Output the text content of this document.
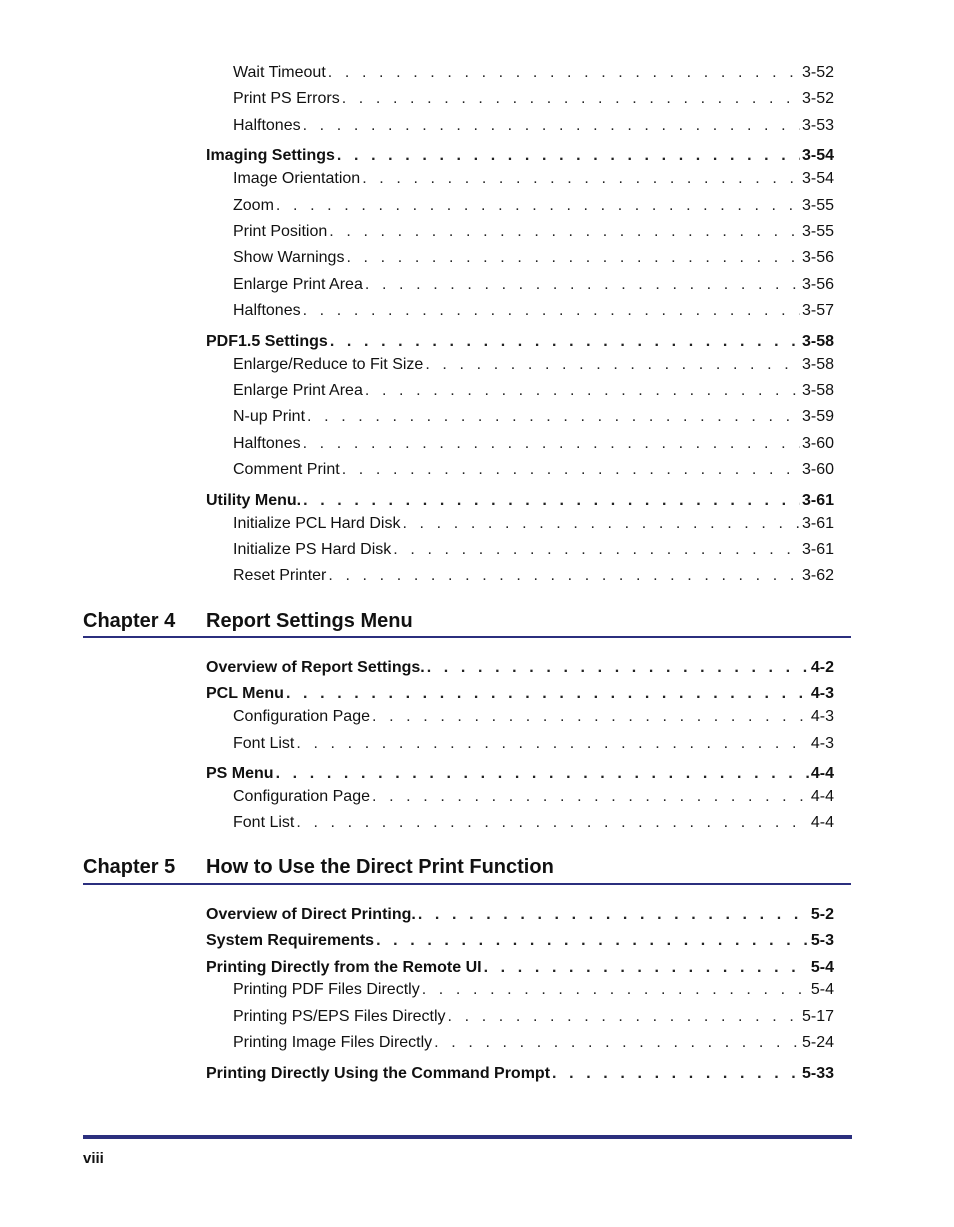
Wait Timeout . . .	3-52
Print PS Errors . . .	3-52
Halftones . . .	3-53
Imaging Settings . . .	3-54
Image Orientation . . .	3-54
Zoom . . .	3-55
Print Position . . .	3-55
Show Warnings . . .	3-56
Enlarge Print Area . . .	3-56
Halftones . . .	3-57
PDF1.5 Settings . . .	3-58
Enlarge/Reduce to Fit Size . . .	3-58
Enlarge Print Area . . .	3-58
N-up Print . . .	3-59
Halftones . . .	3-60
Comment Print . . .	3-60
Utility Menu. . . .	3-61
Initialize PCL Hard Disk . . .	3-61
Initialize PS Hard Disk . . .	3-61
Reset Printer . . .	3-62
Chapter 4 Report Settings Menu
Overview of Report Settings. . . .	4-2
PCL Menu . . .	4-3
Configuration Page . . .	4-3
Font List . . .	4-3
PS Menu . . .	4-4
Configuration Page . . .	4-4
Font List . . .	4-4
Chapter 5 How to Use the Direct Print Function
Overview of Direct Printing. . . .	5-2
System Requirements . . .	5-3
Printing Directly from the Remote UI . . .	5-4
Printing PDF Files Directly . . .	5-4
Printing PS/EPS Files Directly . . .	5-17
Printing Image Files Directly . . .	5-24
Printing Directly Using the Command Prompt . . .	5-33
viii
